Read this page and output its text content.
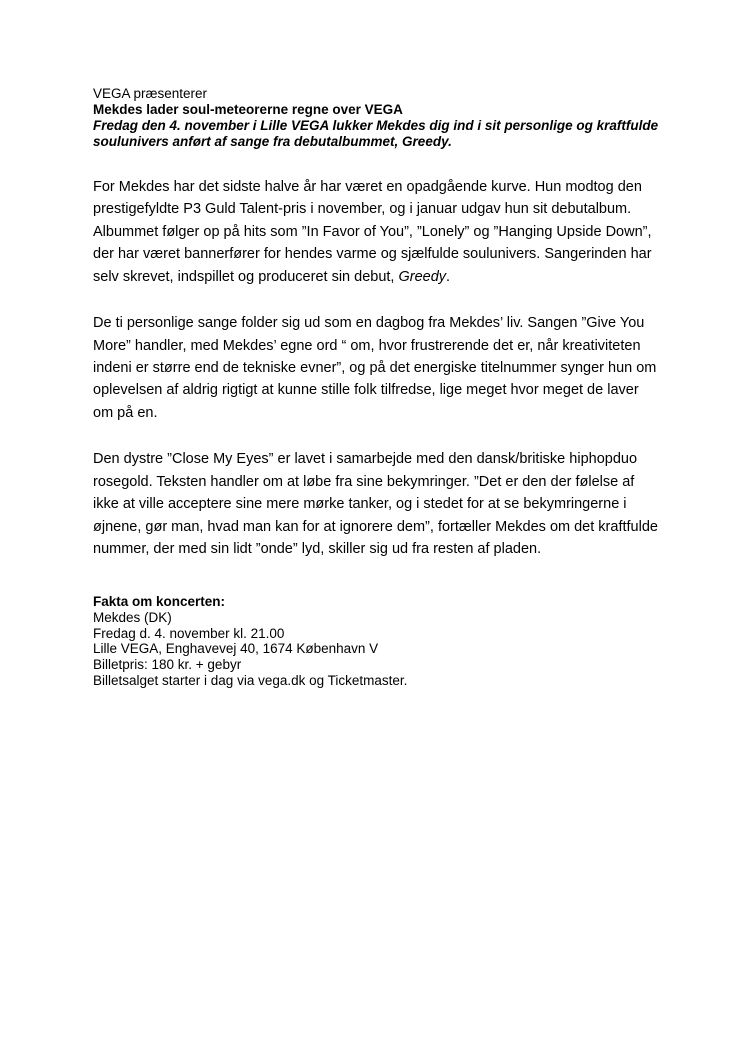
VEGA præsenterer
Mekdes lader soul-meteorerne regne over VEGA
Fredag den 4. november i Lille VEGA lukker Mekdes dig ind i sit personlige og kraftfulde soulunivers anført af sange fra debutalbummet, Greedy.

For Mekdes har det sidste halve år har været en opadgående kurve. Hun modtog den prestigefyldte P3 Guld Talent-pris i november, og i januar udgav hun sit debutalbum. Albummet følger op på hits som ”In Favor of You”, ”Lonely” og ”Hanging Upside Down”, der har været bannerfører for hendes varme og sjælfulde soulunivers. Sangerinden har selv skrevet, indspillet og produceret sin debut, Greedy.

De ti personlige sange folder sig ud som en dagbog fra Mekdes’ liv. Sangen ”Give You More” handler, med Mekdes’ egne ord “ om, hvor frustrerende det er, når kreativiteten indeni er større end de tekniske evner”, og på det energiske titelnummer synger hun om oplevelsen af aldrig rigtigt at kunne stille folk tilfredse, lige meget hvor meget de laver om på en.

Den dystre ”Close My Eyes” er lavet i samarbejde med den dansk/britiske hiphopduo rosegold. Teksten handler om at løbe fra sine bekymringer. ”Det er den der følelse af ikke at ville acceptere sine mere mørke tanker, og i stedet for at se bekymringerne i øjnene, gør man, hvad man kan for at ignorere dem”, fortæller Mekdes om det kraftfulde nummer, der med sin lidt ”onde” lyd, skiller sig ud fra resten af pladen.

Fakta om koncerten:
Mekdes (DK)
Fredag d. 4. november kl. 21.00
Lille VEGA, Enghavevej 40, 1674 København V
Billetpris: 180 kr. + gebyr
Billetsalget starter i dag via vega.dk og Ticketmaster.
